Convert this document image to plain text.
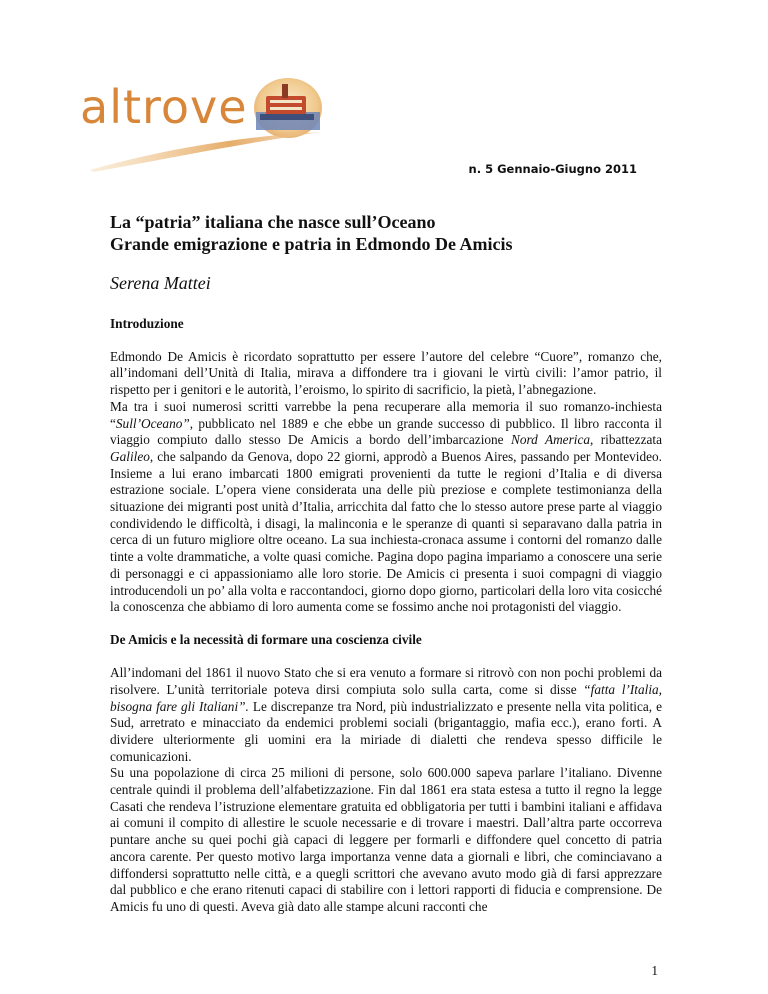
altrove
n. 5 Gennaio-Giugno 2011

La “patria” italiana che nasce sull’Oceano

Grande emigrazione e patria in Edmondo De Amicis

Serena Mattei

Introduzione

Edmondo De Amicis è ricordato soprattutto per essere l’autore del celebre “Cuore”, romanzo che, all’indomani dell’Unità di Italia, mirava a diffondere tra i giovani le virtù civili: l’amor patrio, il rispetto per i genitori e le autorità, l’eroismo, lo spirito di sacrificio, la pietà, l’abnegazione.

Ma tra i suoi numerosi scritti varrebbe la pena recuperare alla memoria il suo romanzo-inchiesta “Sull’Oceano”, pubblicato nel 1889 e che ebbe un grande successo di pubblico. Il libro racconta il viaggio compiuto dallo stesso De Amicis a bordo dell’imbarcazione Nord America, ribattezzata Galileo, che salpando da Genova, dopo 22 giorni, approdò a Buenos Aires, passando per Montevideo. Insieme a lui erano imbarcati 1800 emigrati provenienti da tutte le regioni d’Italia e di diversa estrazione sociale. L’opera viene considerata una delle più preziose e complete testimonianza della situazione dei migranti post unità d’Italia, arricchita dal fatto che lo stesso autore prese parte al viaggio condividendo le difficoltà, i disagi, la malinconia e le speranze di quanti si separavano dalla patria in cerca di un futuro migliore oltre oceano. La sua inchiesta-cronaca assume i contorni del romanzo dalle tinte a volte drammatiche, a volte quasi comiche. Pagina dopo pagina impariamo a conoscere una serie di personaggi e ci appassioniamo alle loro storie. De Amicis ci presenta i suoi compagni di viaggio introducendoli un po’ alla volta e raccontandoci, giorno dopo giorno, particolari della loro vita cosicché la conoscenza che abbiamo di loro aumenta come se fossimo anche noi protagonisti del viaggio.

De Amicis e la necessità di formare una coscienza civile

All’indomani del 1861 il nuovo Stato che si era venuto a formare si ritrovò con non pochi problemi da risolvere. L’unità territoriale poteva dirsi compiuta solo sulla carta, come si disse “fatta l’Italia, bisogna fare gli Italiani”. Le discrepanze tra Nord, più industrializzato e presente nella vita politica, e Sud, arretrato e minacciato da endemici problemi sociali (brigantaggio, mafia ecc.), erano forti. A dividere ulteriormente gli uomini era la miriade di dialetti che rendeva spesso difficile le comunicazioni.

Su una popolazione di circa 25 milioni di persone, solo 600.000 sapeva parlare l’italiano. Divenne centrale quindi il problema dell’alfabetizzazione. Fin dal 1861 era stata estesa a tutto il regno la legge Casati che rendeva l’istruzione elementare gratuita ed obbligatoria per tutti i bambini italiani e affidava ai comuni il compito di allestire le scuole necessarie e di trovare i maestri. Dall’altra parte occorreva puntare anche su quei pochi già capaci di leggere per formarli e diffondere quel concetto di patria ancora carente. Per questo motivo larga importanza venne data a giornali e libri, che cominciavano a diffondersi soprattutto nelle città, e a quegli scrittori che avevano avuto modo già di farsi apprezzare dal pubblico e che erano ritenuti capaci di stabilire con i lettori rapporti di fiducia e comprensione. De Amicis fu uno di questi. Aveva già dato alle stampe alcuni racconti che

1
